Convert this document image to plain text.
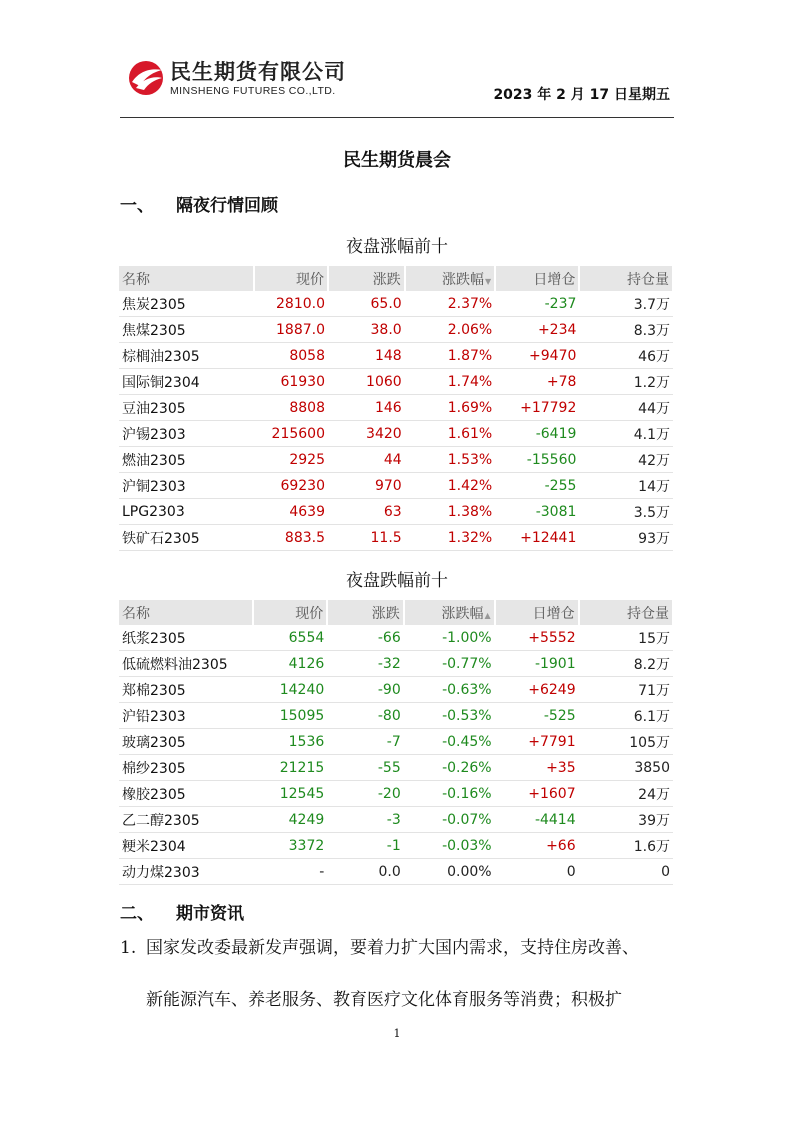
民生期货有限公司
MINSHENG FUTURES CO.,LTD.	2023 年 2 月 17 日星期五
民生期货晨会
一、 隔夜行情回顾
夜盘涨幅前十
名称	现价	涨跌	涨跌幅▼	日增仓	持仓量
焦炭2305	2810.0	65.0	2.37%	-237	3.7万
焦煤2305	1887.0	38.0	2.06%	+234	8.3万
棕榈油2305	8058	148	1.87%	+9470	46万
国际铜2304	61930	1060	1.74%	+78	1.2万
豆油2305	8808	146	1.69%	+17792	44万
沪锡2303	215600	3420	1.61%	-6419	4.1万
燃油2305	2925	44	1.53%	-15560	42万
沪铜2303	69230	970	1.42%	-255	14万
LPG2303	4639	63	1.38%	-3081	3.5万
铁矿石2305	883.5	11.5	1.32%	+12441	93万
夜盘跌幅前十
名称	现价	涨跌	涨跌幅▲	日增仓	持仓量
纸浆2305	6554	-66	-1.00%	+5552	15万
低硫燃料油2305	4126	-32	-0.77%	-1901	8.2万
郑棉2305	14240	-90	-0.63%	+6249	71万
沪铅2303	15095	-80	-0.53%	-525	6.1万
玻璃2305	1536	-7	-0.45%	+7791	105万
棉纱2305	21215	-55	-0.26%	+35	3850
橡胶2305	12545	-20	-0.16%	+1607	24万
乙二醇2305	4249	-3	-0.07%	-4414	39万
粳米2304	3372	-1	-0.03%	+66	1.6万
动力煤2303	-	0.0	0.00%	0	0
二、 期市资讯
1. 国家发改委最新发声强调，要着力扩大国内需求，支持住房改善、
新能源汽车、养老服务、教育医疗文化体育服务等消费；积极扩
1
